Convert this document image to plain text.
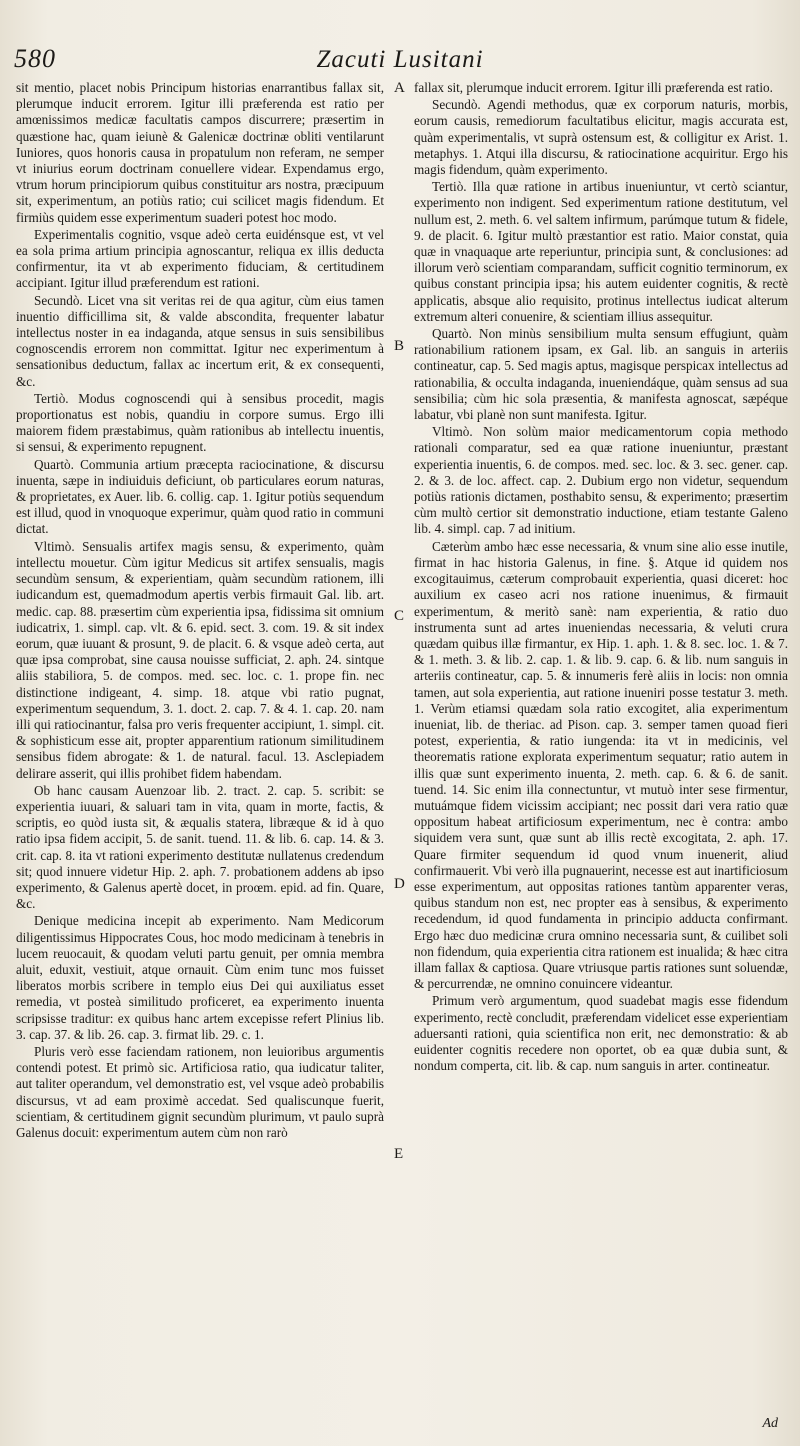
580	Zacuti Lusitani

sit mentio, placet nobis Principum historias enarrantibus fallax sit, plerumque inducit errorem. Igitur illi præferenda est ratio per amœnissimos medicæ facultatis campos discurrere; præsertim in quæstione hac, quam ieiunè & Galenicæ doctrinæ obliti ventilarunt Iuniores, quos honoris causa in propatulum non referam, ne semper vt iniurius eorum doctrinam conuellere videar. Expendamus ergo, vtrum horum principiorum quibus constituitur ars nostra, præcipuum sit, experimentum, an potiùs ratio; cui scilicet magis fidendum. Et firmiùs quidem esse experimentum suaderi potest hoc modo.

Experimentalis cognitio, vsque adeò certa euidénsque est, vt vel ea sola prima artium principia agnoscantur, reliqua ex illis deducta confirmentur, ita vt ab experimento fiduciam, & certitudinem accipiant. Igitur illud præferendum est rationi.

Secundò. Licet vna sit veritas rei de qua agitur, cùm eius tamen inuentio difficillima sit, & valde abscondita, frequenter labatur intellectus noster in ea indaganda, atque sensus in suis sensibilibus cognoscendis errorem non committat. Igitur nec experimentum à sensationibus deductum, fallax ac incertum erit, & ex consequenti, &c.

Tertiò. Modus cognoscendi qui à sensibus procedit, magis proportionatus est nobis, quandiu in corpore sumus. Ergo illi maiorem fidem præstabimus, quàm rationibus ab intellectu inuentis, si sensui, & experimento repugnent.

Quartò. Communia artium præcepta raciocinatione, & discursu inuenta, sæpe in indiuiduis deficiunt, ob particulares eorum naturas, & proprietates, ex Auer. lib. 6. collig. cap. 1. Igitur potiùs sequendum est illud, quod in vnoquoque experimur, quàm quod ratio in communi dictat.

Vltimò. Sensualis artifex magis sensu, & experimento, quàm intellectu mouetur. Cùm igitur Medicus sit artifex sensualis, magis secundùm sensum, & experientiam, quàm secundùm rationem, illi iudicandum est, quemadmodum apertis verbis firmauit Gal. lib. art. medic. cap. 88. præsertim cùm experientia ipsa, fidissima sit omnium iudicatrix, 1. simpl. cap. vlt. & 6. epid. sect. 3. com. 19. & sit index eorum, quæ iuuant & prosunt, 9. de placit. 6. & vsque adeò certa, aut quæ ipsa comprobat, sine causa nouisse sufficiat, 2. aph. 24. sintque aliis stabiliora, 5. de compos. med. sec. loc. c. 1. prope fin. nec distinctione indigeant, 4. simp. 18. atque vbi ratio pugnat, experimentum sequendum, 3. 1. doct. 2. cap. 7. & 4. 1. cap. 20. nam illi qui ratiocinantur, falsa pro veris frequenter accipiunt, 1. simpl. cit. & sophisticum esse ait, propter apparentium rationum similitudinem sensibus fidem abrogate: & 1. de natural. facul. 13. Asclepiadem delirare asserit, qui illis prohibet fidem habendam.

Ob hanc causam Auenzoar lib. 2. tract. 2. cap. 5. scribit: se experientia iuuari, & saluari tam in vita, quam in morte, factis, & scriptis, eo quòd iusta sit, & æqualis statera, libræque & id à quo ratio ipsa fidem accipit, 5. de sanit. tuend. 11. & lib. 6. cap. 14. & 3. crit. cap. 8. ita vt rationi experimento destitutæ nullatenus credendum sit; quod innuere videtur Hip. 2. aph. 7. probationem addens ab ipso experimento, & Galenus apertè docet, in proœm. epid. ad fin. Quare, &c.

Denique medicina incepit ab experimento. Nam Medicorum diligentissimus Hippocrates Cous, hoc modo medicinam à tenebris in lucem reuocauit, & quodam veluti partu genuit, per omnia membra aluit, eduxit, vestiuit, atque ornauit. Cùm enim tunc mos fuisset liberatos morbis scribere in templo eius Dei qui auxiliatus esset remedia, vt posteà similitudo proficeret, ea experimento inuenta scripsisse traditur: ex quibus hanc artem excepisse refert Plinius lib. 3. cap. 37. & lib. 26. cap. 3. firmat lib. 29. c. 1.

Pluris verò esse faciendam rationem, non leuioribus argumentis contendi potest. Et primò sic. Artificiosa ratio, qua iudicatur taliter, aut taliter operandum, vel demonstratio est, vel vsque adeò probabilis discursus, vt ad eam proximè accedat. Sed qualiscunque fuerit, scientiam, & certitudinem gignit secundùm plurimum, vt paulo suprà Galenus docuit: experimentum autem cùm non rarò

A
B
C
D
E

fallax sit, plerumque inducit errorem. Igitur illi præferenda est ratio.

Secundò. Agendi methodus, quæ ex corporum naturis, morbis, eorum causis, remediorum facultatibus elicitur, magis accurata est, quàm experimentalis, vt suprà ostensum est, & colligitur ex Arist. 1. metaphys. 1. Atqui illa discursu, & ratiocinatione acquiritur. Ergo his magis fidendum, quàm experimento.

Tertiò. Illa quæ ratione in artibus inueniuntur, vt certò sciantur, experimento non indigent. Sed experimentum ratione destitutum, vel nullum est, 2. meth. 6. vel saltem infirmum, parúmque tutum & fidele, 9. de placit. 6. Igitur multò præstantior est ratio. Maior constat, quia quæ in vnaquaque arte reperiuntur, principia sunt, & conclusiones: ad illorum verò scientiam comparandam, sufficit cognitio terminorum, ex quibus constant principia ipsa; his autem euidenter cognitis, & rectè applicatis, absque alio requisito, protinus intellectus iudicat alterum extremum alteri conuenire, & scientiam illius assequitur.

Quartò. Non minùs sensibilium multa sensum effugiunt, quàm rationabilium rationem ipsam, ex Gal. lib. an sanguis in arteriis contineatur, cap. 5. Sed magis aptus, magisque perspicax intellectus ad rationabilia, & occulta indaganda, inueniendáque, quàm sensus ad sua sensibilia; cùm hic sola præsentia, & manifesta agnoscat, sæpéque labatur, vbi planè non sunt manifesta. Igitur.

Vltimò. Non solùm maior medicamentorum copia methodo rationali comparatur, sed ea quæ ratione inueniuntur, præstant experientia inuentis, 6. de compos. med. sec. loc. & 3. sec. gener. cap. 2. & 3. de loc. affect. cap. 2. Dubium ergo non videtur, sequendum potiùs rationis dictamen, posthabito sensu, & experimento; præsertim cùm multò certior sit demonstratio inductione, etiam testante Galeno lib. 4. simpl. cap. 7 ad initium.

Cæterùm ambo hæc esse necessaria, & vnum sine alio esse inutile, firmat in hac historia Galenus, in fine. §. Atque id quidem nos excogitauimus, cæterum comprobauit experientia, quasi diceret: hoc auxilium ex caseo acri nos ratione inuenimus, & firmauit experimentum, & meritò sanè: nam experientia, & ratio duo instrumenta sunt ad artes inueniendas necessaria, & veluti crura quædam quibus illæ firmantur, ex Hip. 1. aph. 1. & 8. sec. loc. 1. & 7. & 1. meth. 3. & lib. 2. cap. 1. & lib. 9. cap. 6. & lib. num sanguis in arteriis contineatur, cap. 5. & innumeris ferè aliis in locis: non omnia tamen, aut sola experientia, aut ratione inueniri posse testatur 3. meth. 1. Verùm etiamsi quædam sola ratio excogitet, alia experimentum inueniat, lib. de theriac. ad Pison. cap. 3. semper tamen quoad fieri potest, experientia, & ratio iungenda: ita vt in medicinis, vel theorematis ratione explorata experimentum sequatur; ratio autem in illis quæ sunt experimento inuenta, 2. meth. cap. 6. & 6. de sanit. tuend. 14. Sic enim illa connectuntur, vt mutuò inter sese firmentur, mutuámque fidem vicissim accipiant; nec possit dari vera ratio quæ oppositum habeat artificiosum experimentum, nec è contra: ambo siquidem vera sunt, quæ sunt ab illis rectè excogitata, 2. aph. 17. Quare firmiter sequendum id quod vnum inuenerit, aliud confirmauerit. Vbi verò illa pugnauerint, necesse est aut inartificiosum esse experimentum, aut oppositas rationes tantùm apparenter veras, quibus standum non est, nec propter eas à sensibus, & experimento recedendum, id quod fundamenta in principio adducta confirmant. Ergo hæc duo medicinæ crura omnino necessaria sunt, & cuilibet soli non fidendum, quia experientia citra rationem est inualida; & hæc citra illam fallax & captiosa. Quare vtriusque partis rationes sunt soluendæ, & percurrendæ, ne omnino conuincere videantur.

Primum verò argumentum, quod suadebat magis esse fidendum experimento, rectè concludit, præferendam videlicet esse experientiam aduersanti rationi, quia scientifica non erit, nec demonstratio: & ab euidenter cognitis recedere non oportet, ob ea quæ dubia sunt, & nondum comperta, cit. lib. & cap. num sanguis in arter. contineatur.

Ad
